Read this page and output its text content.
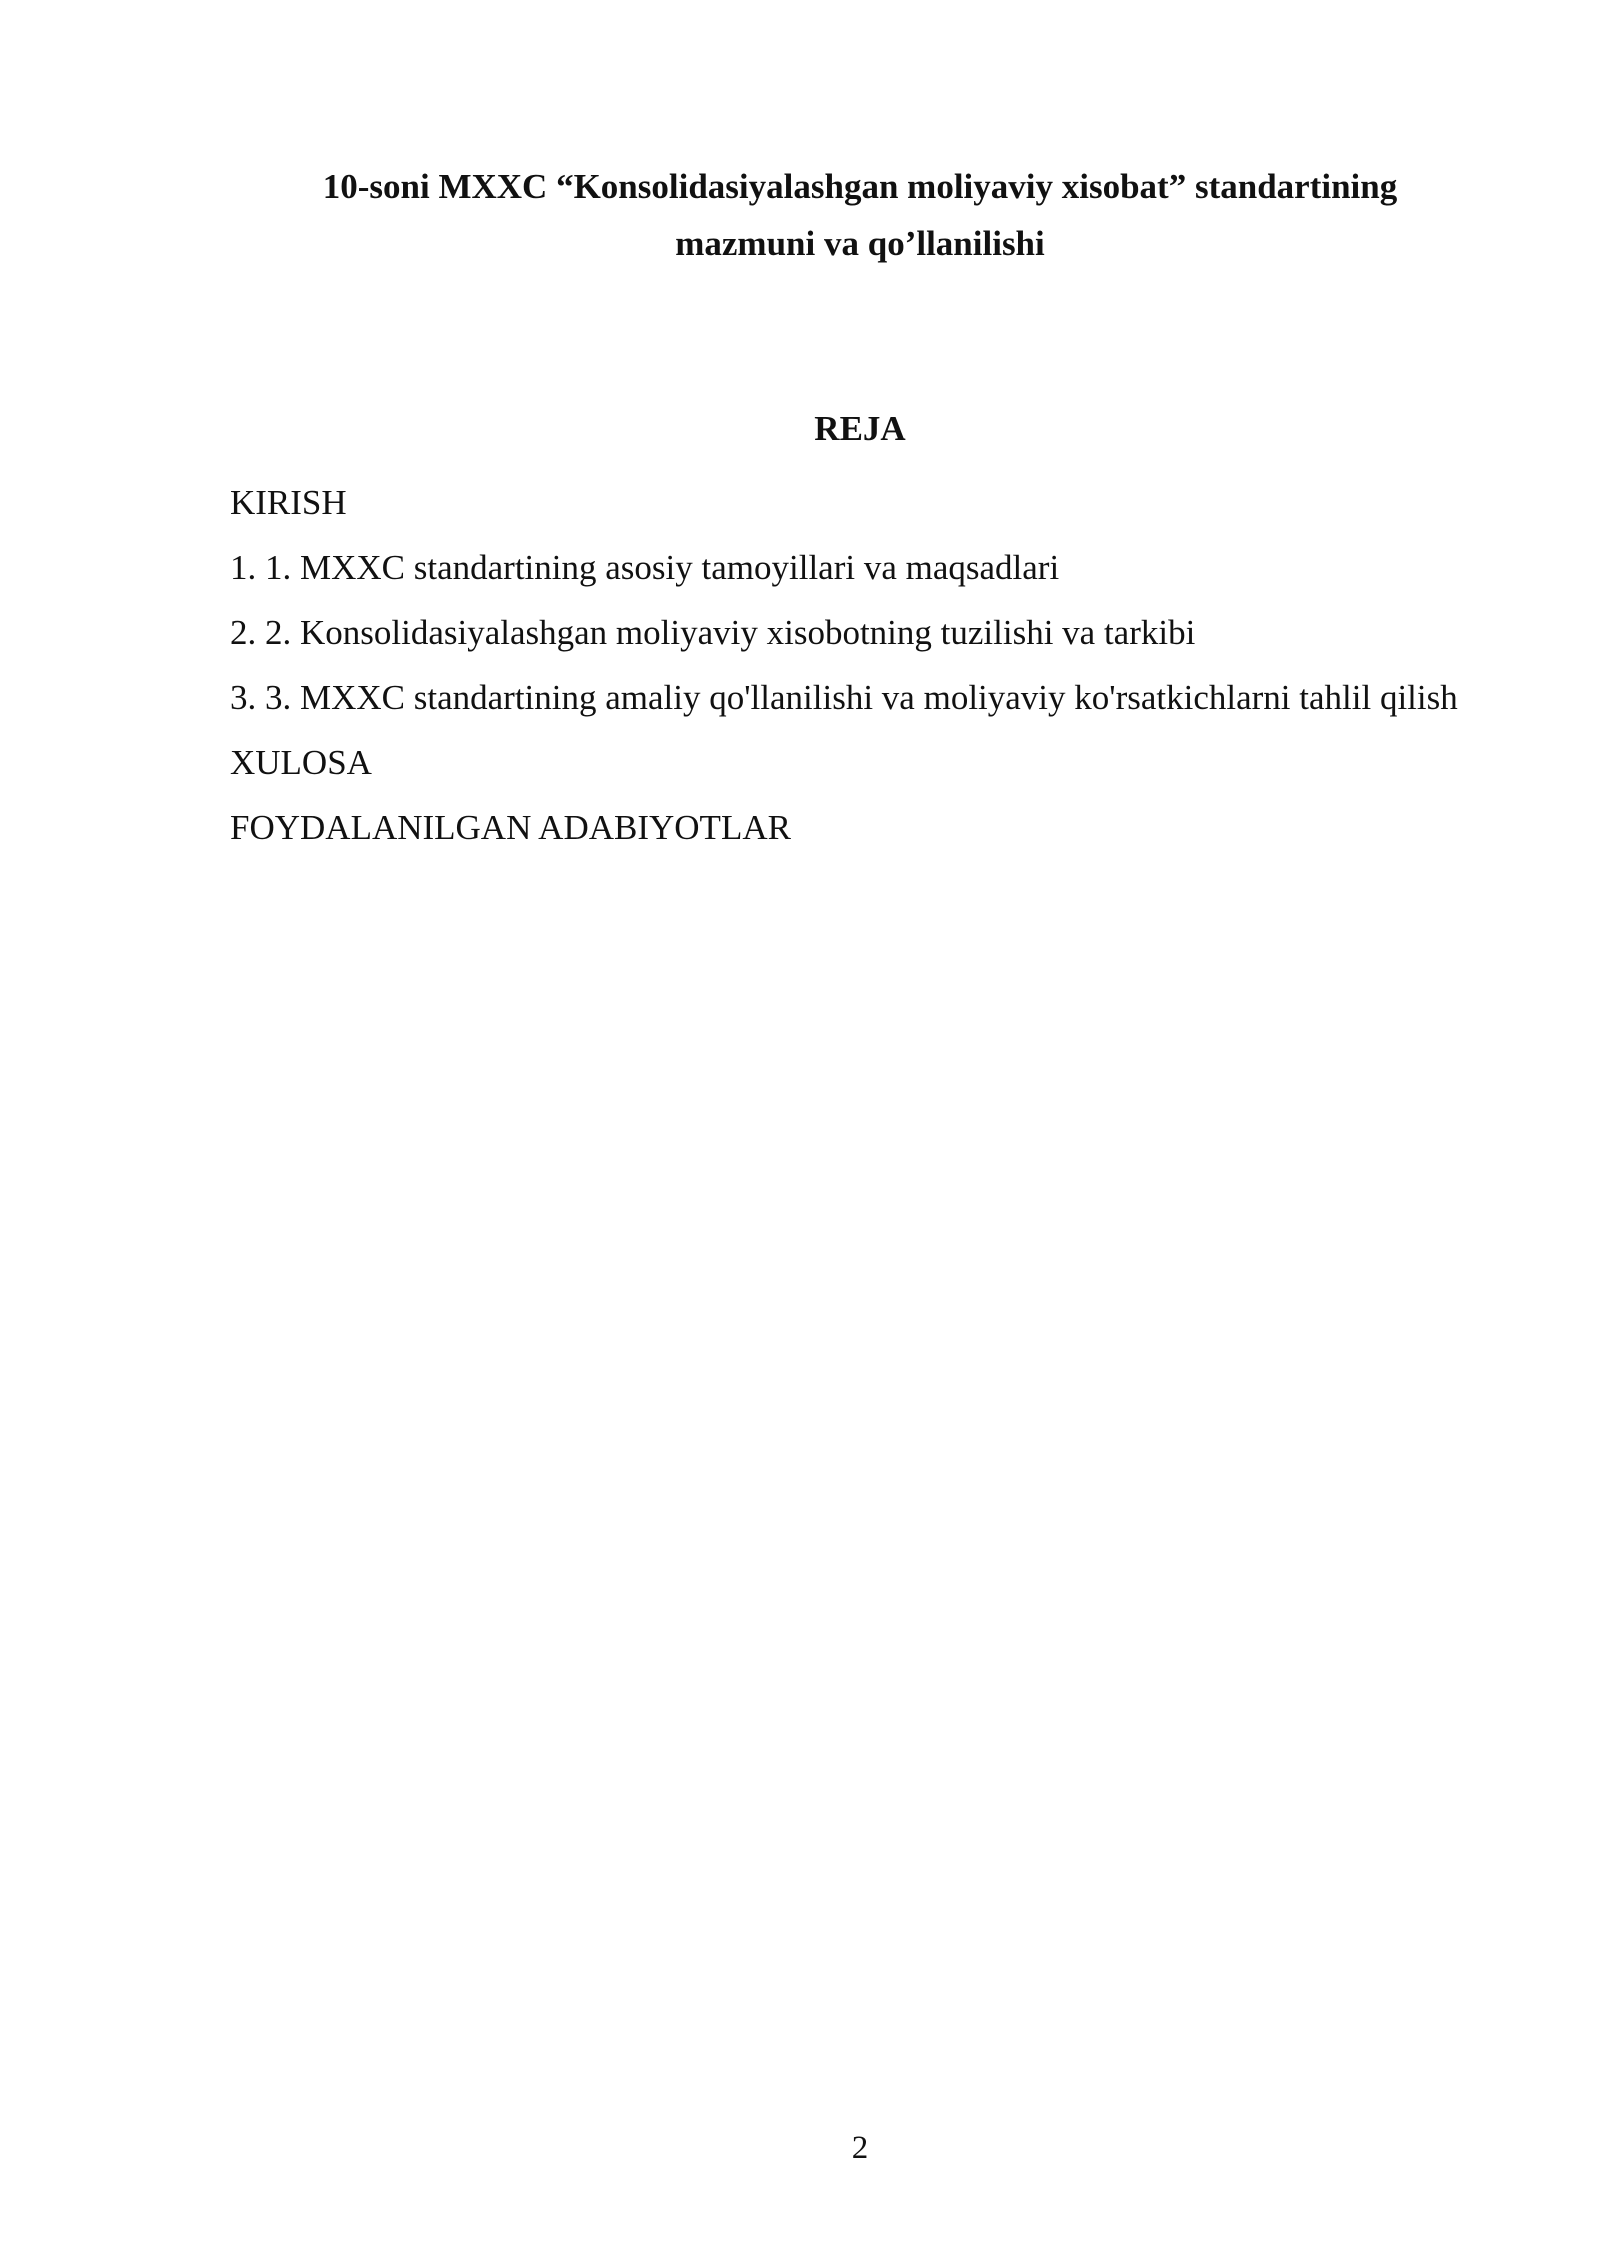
10-soni MXXC “Konsolidasiyalashgan moliyaviy xisobat” standartining mazmuni va qo’llanilishi
REJA
KIRISH
1. 1. MXXC standartining asosiy tamoyillari va maqsadlari
2. 2. Konsolidasiyalashgan moliyaviy xisobotning tuzilishi va tarkibi
3. 3. MXXC standartining amaliy qo'llanilishi va moliyaviy ko'rsatkichlarni tahlil qilish
XULOSA
FOYDALANILGAN ADABIYOTLAR
2
